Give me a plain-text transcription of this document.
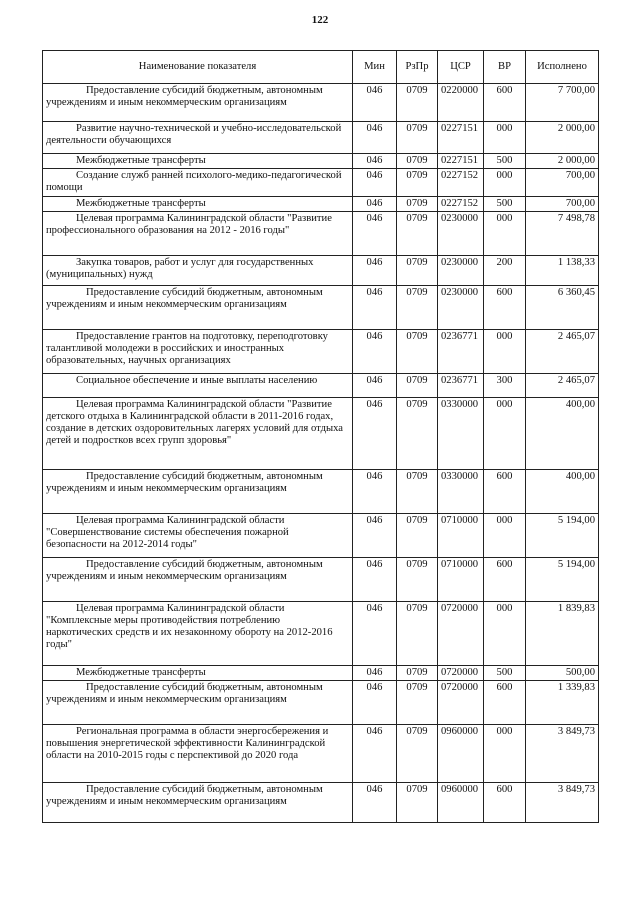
122
Наименование показателя	Мин	РзПр	ЦСР	ВР	Исполнено
Предоставление субсидий бюджетным, автономным учреждениям и иным некоммерческим организациям	046	0709	0220000	600	7 700,00
Развитие научно-технической и учебно-исследовательской деятельности обучающихся	046	0709	0227151	000	2 000,00
Межбюджетные трансферты	046	0709	0227151	500	2 000,00
Создание служб ранней психолого-медико-педагогической помощи	046	0709	0227152	000	700,00
Межбюджетные трансферты	046	0709	0227152	500	700,00
Целевая программа Калининградской области "Развитие профессионального образования на 2012 - 2016 годы"	046	0709	0230000	000	7 498,78
Закупка товаров, работ и услуг для государственных (муниципальных) нужд	046	0709	0230000	200	1 138,33
Предоставление субсидий бюджетным, автономным учреждениям и иным некоммерческим организациям	046	0709	0230000	600	6 360,45
Предоставление грантов на подготовку, переподготовку талантливой молодежи в российских и иностранных образовательных, научных организациях	046	0709	0236771	000	2 465,07
Социальное обеспечение и иные выплаты населению	046	0709	0236771	300	2 465,07
Целевая программа Калининградской области "Развитие детского отдыха в Калининградской области в 2011-2016 годах, создание в детских оздоровительных лагерях условий для отдыха детей и подростков всех групп здоровья"	046	0709	0330000	000	400,00
Предоставление субсидий бюджетным, автономным учреждениям и иным некоммерческим организациям	046	0709	0330000	600	400,00
Целевая программа Калининградской области "Совершенствование системы обеспечения пожарной безопасности на 2012-2014 годы"	046	0709	0710000	000	5 194,00
Предоставление субсидий бюджетным, автономным учреждениям и иным некоммерческим организациям	046	0709	0710000	600	5 194,00
Целевая программа Калининградской области "Комплексные меры противодействия потреблению наркотических средств и их незаконному обороту на 2012-2016 годы"	046	0709	0720000	000	1 839,83
Межбюджетные трансферты	046	0709	0720000	500	500,00
Предоставление субсидий бюджетным, автономным учреждениям и иным некоммерческим организациям	046	0709	0720000	600	1 339,83
Региональная программа в области энергосбережения и повышения энергетической эффективности Калининградской области на 2010-2015 годы с перспективой до 2020 года	046	0709	0960000	000	3 849,73
Предоставление субсидий бюджетным, автономным учреждениям и иным некоммерческим организациям	046	0709	0960000	600	3 849,73
